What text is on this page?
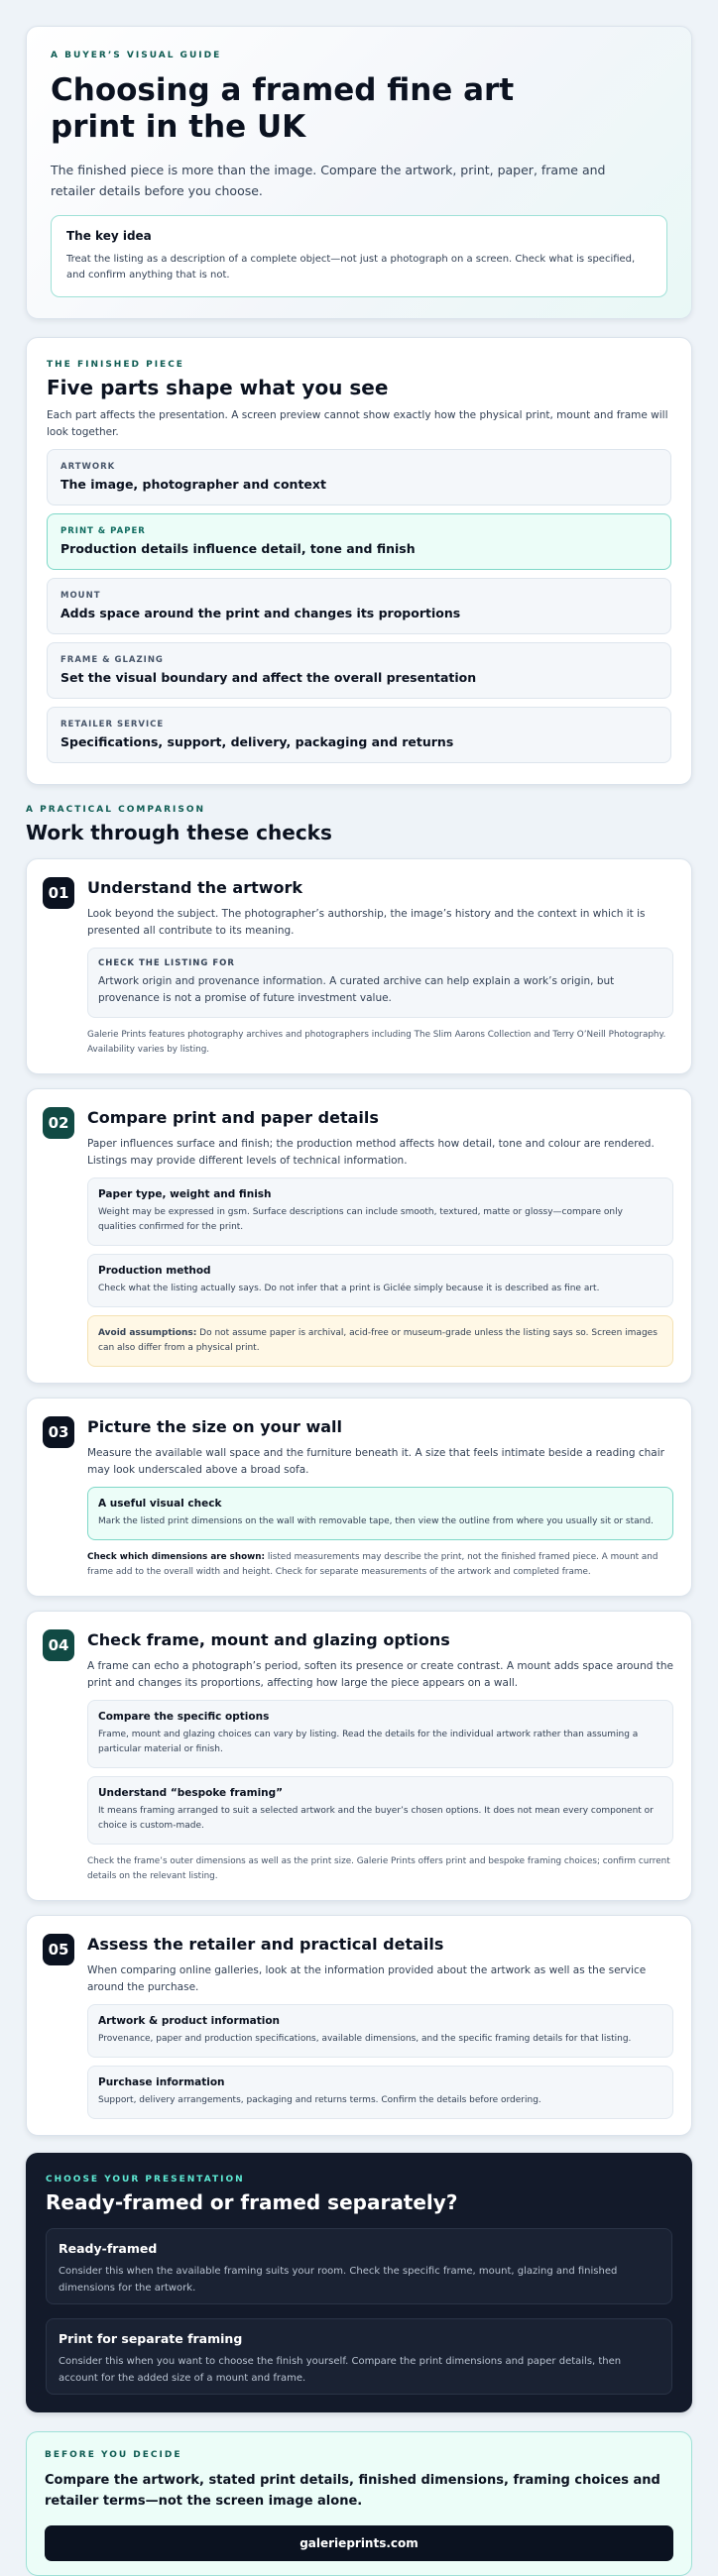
A BUYER’S VISUAL GUIDE
Choosing a framed fine art print in the UK

The finished piece is more than the image. Compare the artwork, print, paper, frame and retailer details before you choose.

The key idea

Treat the listing as a description of a complete object—not just a photograph on a screen. Check what is specified, and confirm anything that is not.

THE FINISHED PIECE
Five parts shape what you see

Each part affects the presentation. A screen preview cannot show exactly how the physical print, mount and frame will look together.

ARTWORK
The image, photographer and context
PRINT & PAPER
Production details influence detail, tone and finish
MOUNT
Adds space around the print and changes its proportions
FRAME & GLAZING
Set the visual boundary and affect the overall presentation
RETAILER SERVICE
Specifications, support, delivery, packaging and returns
A PRACTICAL COMPARISON
Work through these checks
01	Understand the artwork

Look beyond the subject. The photographer’s authorship, the image’s history and the context in which it is presented all contribute to its meaning.

CHECK THE LISTING FOR

Artwork origin and provenance information. A curated archive can help explain a work’s origin, but provenance is not a promise of future investment value.

Galerie Prints features photography archives and photographers including The Slim Aarons Collection and Terry O’Neill Photography. Availability varies by listing.

02	Compare print and paper details

Paper influences surface and finish; the production method affects how detail, tone and colour are rendered. Listings may provide different levels of technical information.

Paper type, weight and finish

Weight may be expressed in gsm. Surface descriptions can include smooth, textured, matte or glossy—compare only qualities confirmed for the print.

Production method

Check what the listing actually says. Do not infer that a print is Giclée simply because it is described as fine art.

Avoid assumptions: Do not assume paper is archival, acid-free or museum-grade unless the listing says so. Screen images can also differ from a physical print.

03	Picture the size on your wall

Measure the available wall space and the furniture beneath it. A size that feels intimate beside a reading chair may look underscaled above a broad sofa.

A useful visual check

Mark the listed print dimensions on the wall with removable tape, then view the outline from where you usually sit or stand.

Check which dimensions are shown: listed measurements may describe the print, not the finished framed piece. A mount and frame add to the overall width and height. Check for separate measurements of the artwork and completed frame.

04	Check frame, mount and glazing options

A frame can echo a photograph’s period, soften its presence or create contrast. A mount adds space around the print and changes its proportions, affecting how large the piece appears on a wall.

Compare the specific options

Frame, mount and glazing choices can vary by listing. Read the details for the individual artwork rather than assuming a particular material or finish.

Understand “bespoke framing”

It means framing arranged to suit a selected artwork and the buyer’s chosen options. It does not mean every component or choice is custom-made.

Check the frame’s outer dimensions as well as the print size. Galerie Prints offers print and bespoke framing choices; confirm current details on the relevant listing.

05	Assess the retailer and practical details

When comparing online galleries, look at the information provided about the artwork as well as the service around the purchase.

Artwork & product information

Provenance, paper and production specifications, available dimensions, and the specific framing details for that listing.

Purchase information

Support, delivery arrangements, packaging and returns terms. Confirm the details before ordering.

CHOOSE YOUR PRESENTATION
Ready-framed or framed separately?
Ready-framed

Consider this when the available framing suits your room. Check the specific frame, mount, glazing and finished dimensions for the artwork.

Print for separate framing

Consider this when you want to choose the finish yourself. Compare the print dimensions and paper details, then account for the added size of a mount and frame.

BEFORE YOU DECIDE

Compare the artwork, stated print details, finished dimensions, framing choices and retailer terms—not the screen image alone.

galerieprints.com
